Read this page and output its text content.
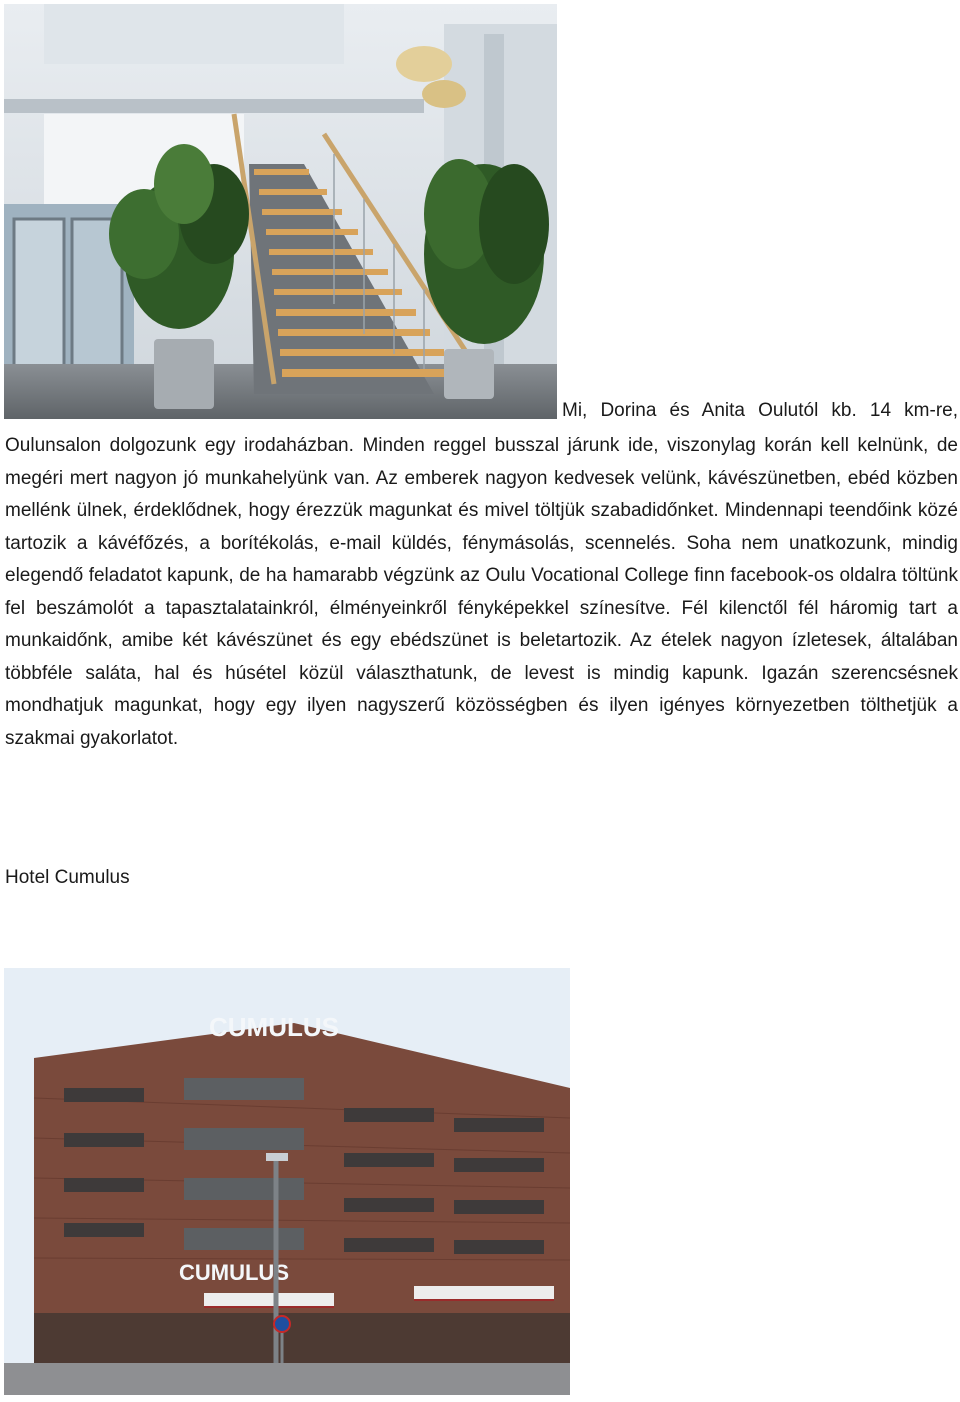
Mi, Dorina és Anita Oulutól kb. 14 km-re,

Oulunsalon dolgozunk egy irodaházban. Minden reggel busszal járunk ide, viszonylag korán kell kelnünk, de megéri mert nagyon jó munkahelyünk van. Az emberek nagyon kedvesek velünk, kávészünetben, ebéd közben mellénk ülnek, érdeklődnek, hogy érezzük magunkat és mivel töltjük szabadidőnket. Mindennapi teendőink közé tartozik a kávéfőzés, a borítékolás, e-mail küldés, fénymásolás, scennelés. Soha nem unatkozunk, mindig elegendő feladatot kapunk, de ha hamarabb végzünk az Oulu Vocational College finn facebook-os oldalra töltünk fel beszámolót a tapasztalatainkról, élményeinkről fényképekkel színesítve. Fél kilenctől fél háromig tart a munkaidőnk, amibe két kávészünet és egy ebédszünet is beletartozik. Az ételek nagyon ízletesek, általában többféle saláta, hal és húsétel közül választhatunk, de levest is mindig kapunk. Igazán szerencsésnek mondhatjuk magunkat, hogy egy ilyen nagyszerű közösségben és ilyen igényes környezetben tölthetjük a szakmai gyakorlatot.

Hotel Cumulus
CUMULUS
CUMULUS
